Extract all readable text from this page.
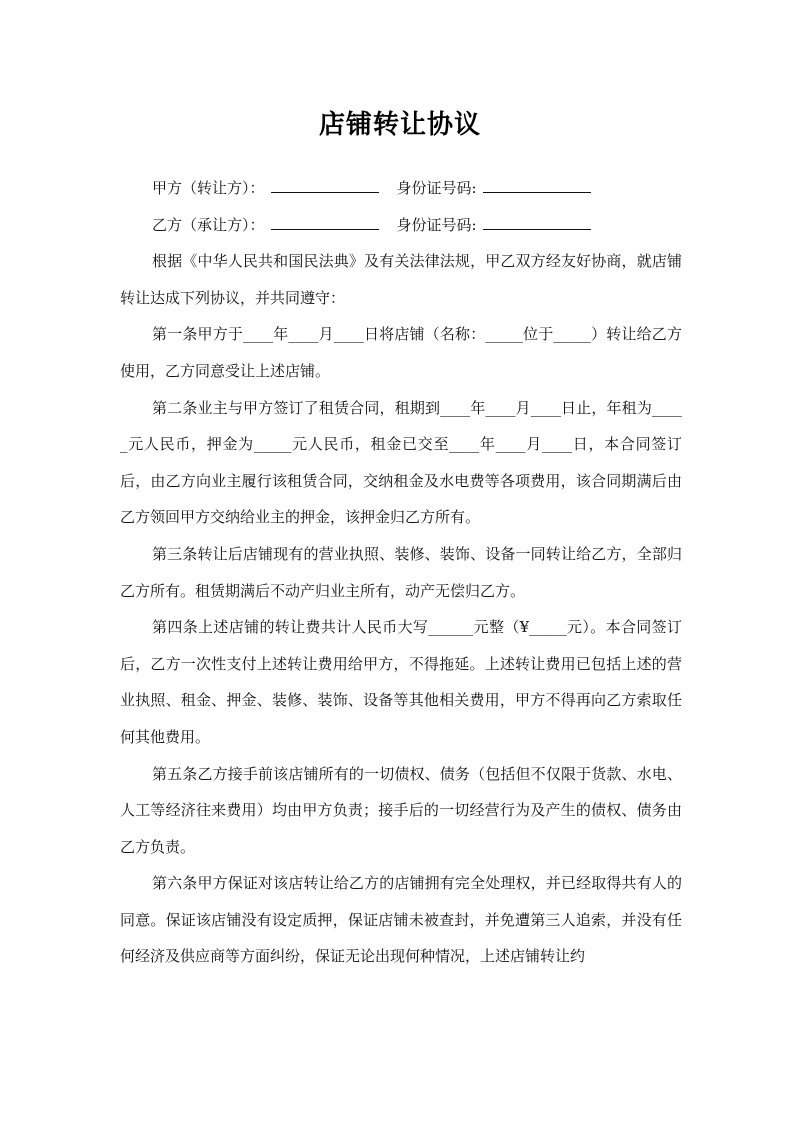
店铺转让协议
甲方（转让方）：	身份证号码:
乙方（承让方）：	身份证号码:

根据《中华人民共和国民法典》及有关法律法规，甲乙双方经友好协商，就店铺转让达成下列协议，并共同遵守：

第一条甲方于____年____月____日将店铺（名称：_____位于_____）转让给乙方使用，乙方同意受让上述店铺。

第二条业主与甲方签订了租赁合同，租期到____年____月____日止，年租为_____元人民币，押金为_____元人民币，租金已交至____年____月____日，本合同签订后，由乙方向业主履行该租赁合同，交纳租金及水电费等各项费用，该合同期满后由乙方领回甲方交纳给业主的押金，该押金归乙方所有。

第三条转让后店铺现有的营业执照、装修、装饰、设备一同转让给乙方，全部归乙方所有。租赁期满后不动产归业主所有，动产无偿归乙方。

第四条上述店铺的转让费共计人民币大写______元整（¥_____元）。本合同签订后，乙方一次性支付上述转让费用给甲方，不得拖延。上述转让费用已包括上述的营业执照、租金、押金、装修、装饰、设备等其他相关费用，甲方不得再向乙方索取任何其他费用。

第五条乙方接手前该店铺所有的一切债权、债务（包括但不仅限于货款、水电、人工等经济往来费用）均由甲方负责；接手后的一切经营行为及产生的债权、债务由乙方负责。

第六条甲方保证对该店转让给乙方的店铺拥有完全处理权，并已经取得共有人的同意。保证该店铺没有设定质押，保证店铺未被查封，并免遭第三人追索，并没有任何经济及供应商等方面纠纷，保证无论出现何种情况，上述店铺转让约
